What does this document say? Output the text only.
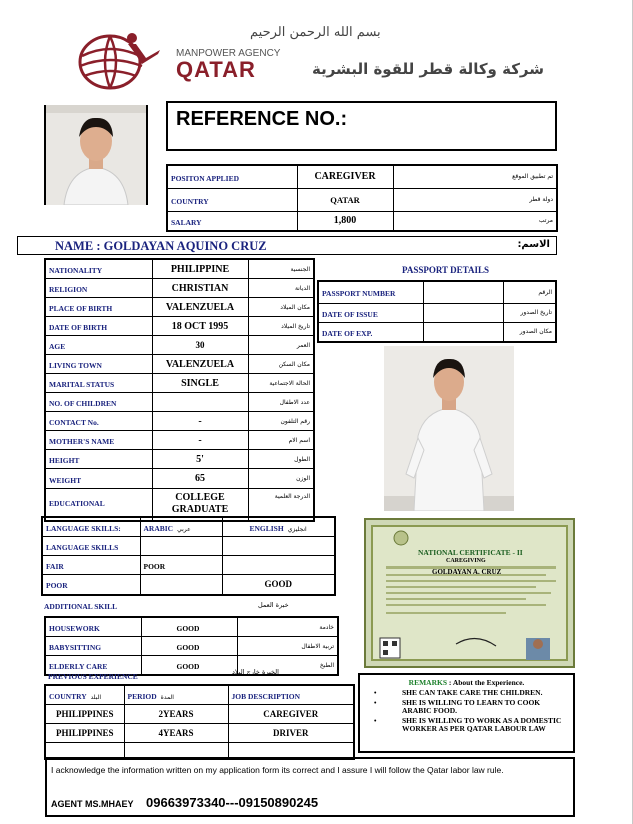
بسم الله الرحمن الرحيم
MANPOWER AGENCY
QATAR	شركة وكالة قطر للقوة البشرية
REFERENCE NO.:
POSITON APPLIED	CAREGIVER	تم تطبيق الموقع
COUNTRY	QATAR	دولة قطر
SALARY	1,800	مرتب
NAME : GOLDAYAN AQUINO CRUZ	الاسم:
NATIONALITY	PHILIPPINE	الجنسية
RELIGION	CHRISTIAN	الديانة
PLACE OF BIRTH	VALENZUELA	مكان الميلاد
DATE OF BIRTH	18 OCT 1995	تاريخ الميلاد
AGE	30	العمر
LIVING TOWN	VALENZUELA	مكان السكن
MARITAL STATUS	SINGLE	الحالة الاجتماعية
NO. OF CHILDREN		عدد الاطفال
CONTACT No.	-	رقم التلفون
MOTHER'S NAME	-	اسم الام
HEIGHT	5'	الطول
WEIGHT	65	الوزن
EDUCATIONAL	COLLEGE GRADUATE	الدرجة العلمية
PASSPORT DETAILS
PASSPORT NUMBER		الرقم
DATE OF ISSUE		تاريخ الصدور
DATE OF EXP.		مكان الصدور
NATIONAL CERTIFICATE - II
CAREGIVING
GOLDAYAN A. CRUZ
LANGUAGE SKILLS:	ARABIC عربي	ENGLISH انجليزي
LANGUAGE SKILLS		
FAIR	POOR	
POOR		GOOD
ADDITIONAL SKILL	خبرة العمل
HOUSEWORK	GOOD	خادمة
BABYSITTING	GOOD	تربية الاطفال
ELDERLY CARE	GOOD	الطبخ
PREVIOUS EXPERIENCE	الخبرة خارج البلاد
COUNTRY البلد	PERIOD المدة	JOB DESCRIPTION
PHILIPPINES	2YEARS	CAREGIVER
PHILIPPINES	4YEARS	DRIVER

REMARKS : About the Experience.
• SHE CAN TAKE CARE THE CHILDREN.
• SHE IS WILLING TO LEARN TO COOK ARABIC FOOD.
• SHE IS WILLING TO WORK AS A DOMESTIC WORKER AS PER QATAR LABOUR LAW
I acknowledge the information written on my application form its correct and I assure I will follow the Qatar labor law rule.
AGENT MS.MHAEY 09663973340---09150890245
